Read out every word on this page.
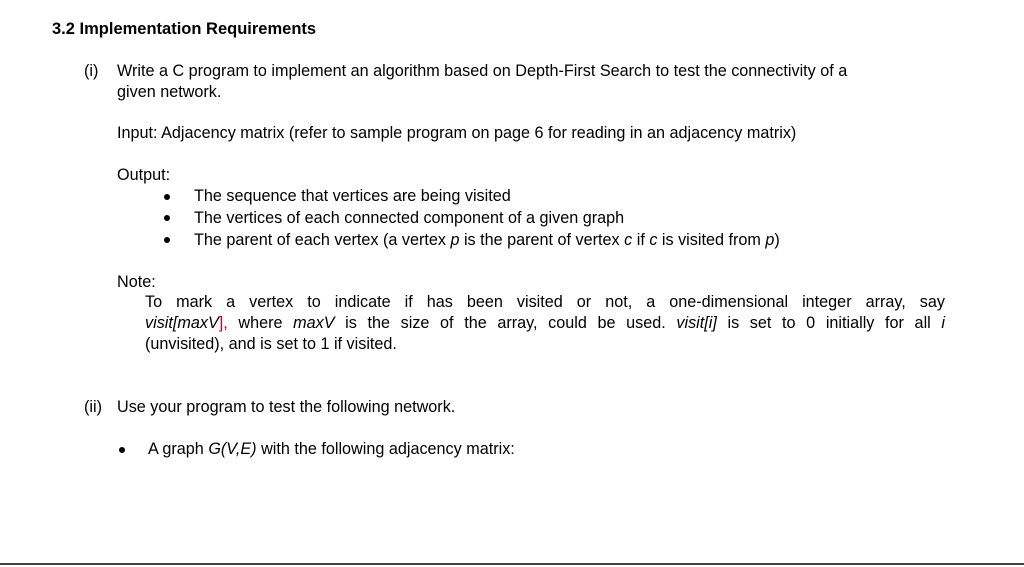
3.2 Implementation Requirements
(i) Write a C program to implement an algorithm based on Depth-First Search to test the connectivity of a
given network.
Input: Adjacency matrix (refer to sample program on page 6 for reading in an adjacency matrix)
Output:
The sequence that vertices are being visited
The vertices of each connected component of a given graph
The parent of each vertex (a vertex p is the parent of vertex c if c is visited from p)
Note:
To mark a vertex to indicate if has been visited or not, a one-dimensional integer array, say
visit[maxV], where maxV is the size of the array, could be used. visit[i] is set to 0 initially for all i
(unvisited), and is set to 1 if visited.
(ii) Use your program to test the following network.
A graph G(V,E) with the following adjacency matrix:
